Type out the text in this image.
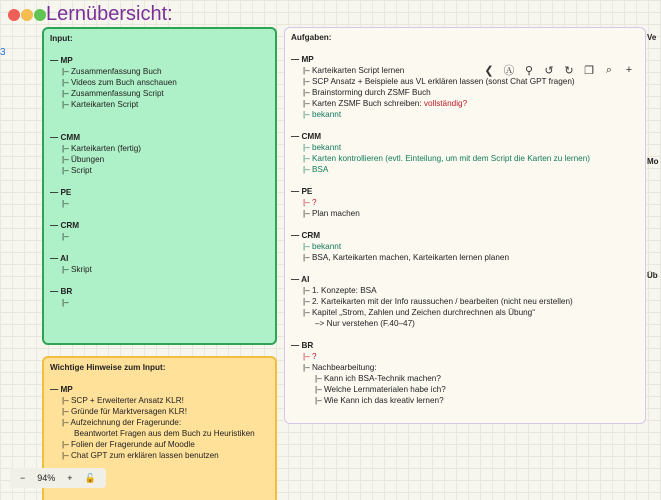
Lernübersicht:
3
Input:
— MP
|– Zusammenfassung Buch
|– Videos zum Buch anschauen
|– Zusammenfassung Script
|– Karteikarten Script
— CMM
|– Karteikarten (fertig)
|– Übungen
|– Script
— PE
|–
— CRM
|–
— AI
|– Skript
— BR
|–
Wichtige Hinweise zum Input:
— MP
|– SCP + Erweiterter Ansatz KLR!
|– Gründe für Marktversagen KLR!
|– Aufzeichnung der Fragerunde:
Beantwortet Fragen aus dem Buch zu Heuristiken
|– Folien der Fragerunde auf Moodle
|– Chat GPT zum erklären lassen benutzen
Aufgaben:
— MP
|– Karteikarten Script lernen
|– SCP Ansatz + Beispiele aus VL erklären lassen (sonst Chat GPT fragen)
|– Brainstorming durch ZSMF Buch
|– Karten ZSMF Buch schreiben: vollständig?
|– bekannt
— CMM
|– bekannt
|– Karten kontrollieren (evtl. Einteilung, um mit dem Script die Karten zu lernen)
|– BSA
— PE
|– ?
|– Plan machen
— CRM
|– bekannt
|– BSA, Karteikarten machen, Karteikarten lernen planen
— AI
|– 1. Konzepte: BSA
|– 2. Karteikarten mit der Info raussuchen / bearbeiten (nicht neu erstellen)
|– Kapitel „Strom, Zahlen und Zeichen durchrechnen als Übung“
–> Nur verstehen (F.40–47)
— BR
|– ?
|– Nachbearbeitung:
|– Kann ich BSA-Technik machen?
|– Welche Lernmaterialen habe ich?
|– Wie Kann ich das kreativ lernen?
❮ Ⓐ ⚲	↺ ↻ ❐	⌕	+
Ve
Mo
Üb
− 94% + 🔓
